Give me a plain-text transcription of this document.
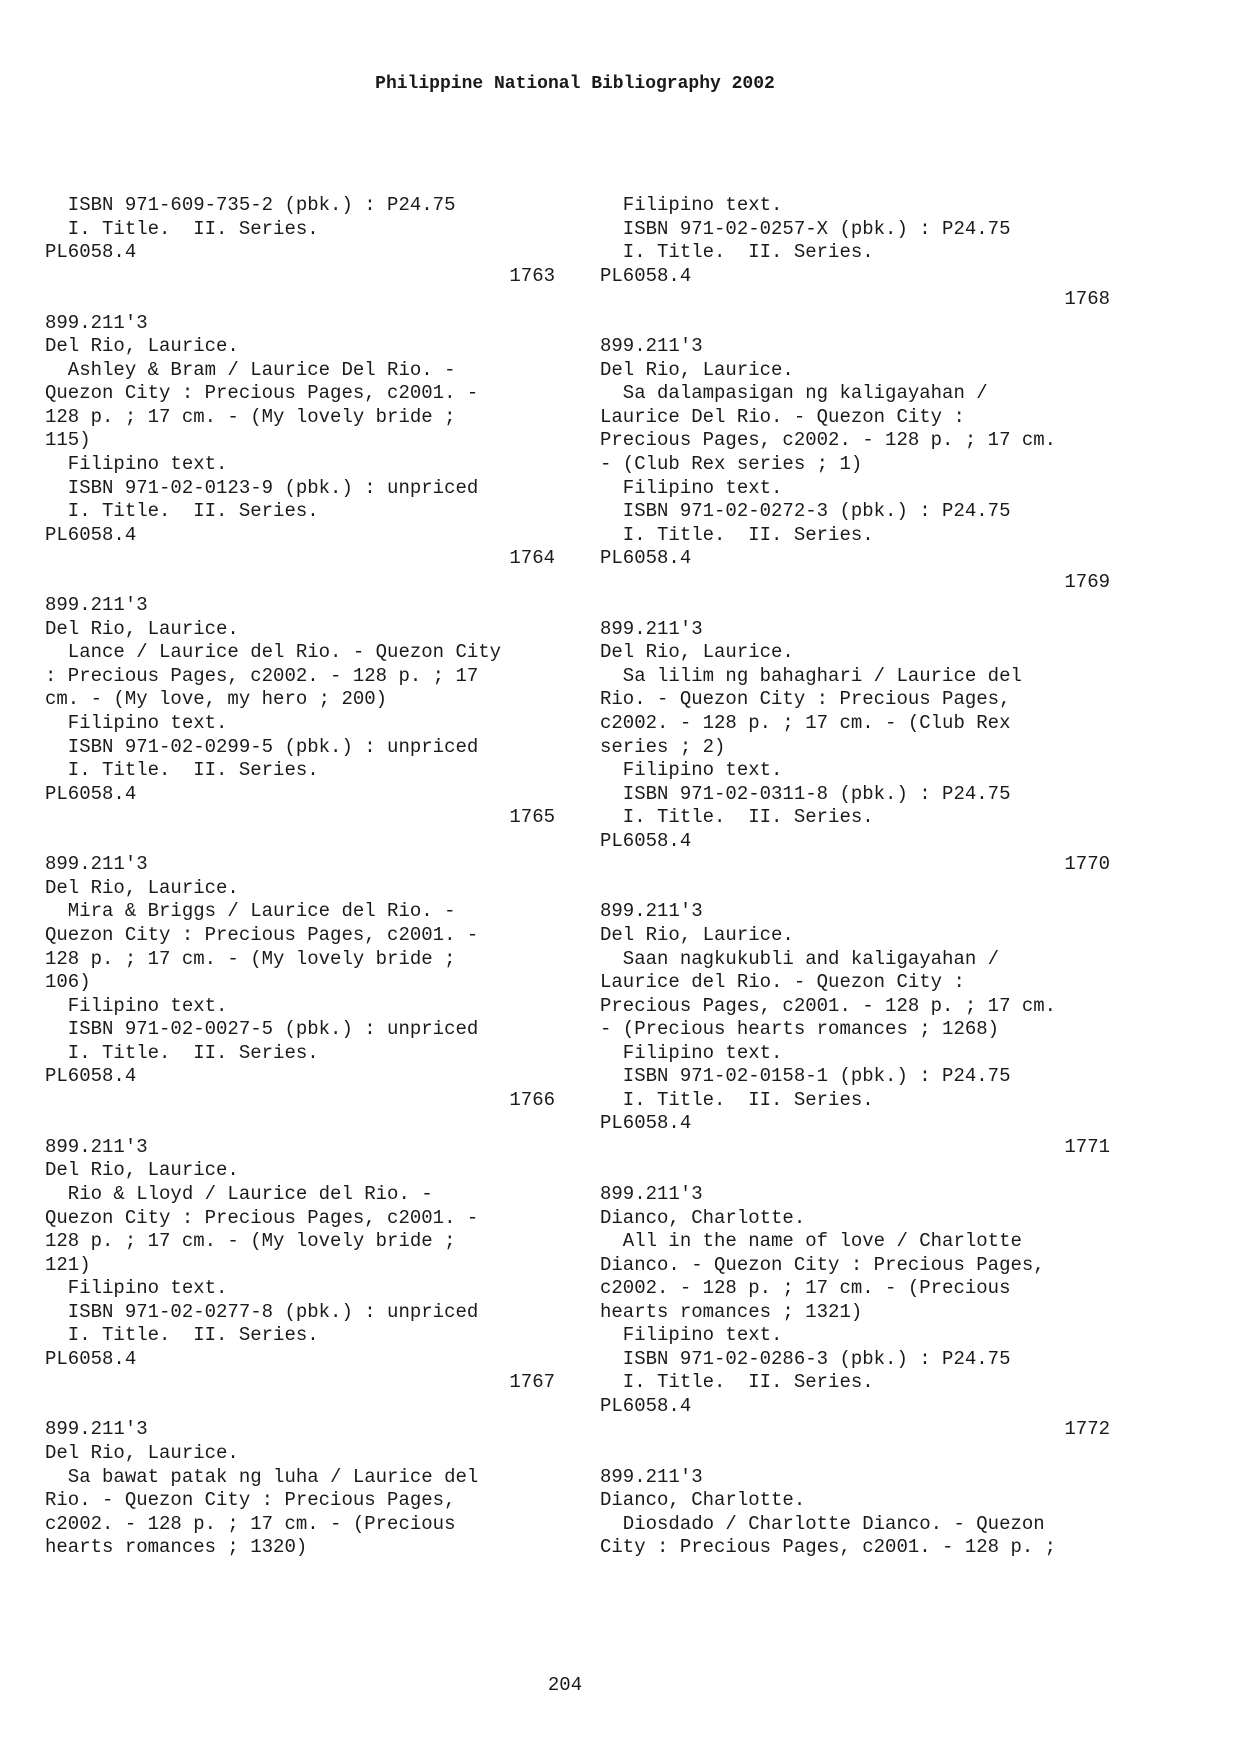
Philippine National Bibliography 2002
ISBN 971-609-735-2 (pbk.) : P24.75
I. Title.  II. Series.
PL6058.4
1763
899.211'3
Del Rio, Laurice.
Ashley & Bram / Laurice Del Rio. -
Quezon City : Precious Pages, c2001. -
128 p. ; 17 cm. - (My lovely bride ;
115)
Filipino text.
ISBN 971-02-0123-9 (pbk.) : unpriced
I. Title.  II. Series.
PL6058.4
1764
899.211'3
Del Rio, Laurice.
Lance / Laurice del Rio. - Quezon City
: Precious Pages, c2002. - 128 p. ; 17
cm. - (My love, my hero ; 200)
Filipino text.
ISBN 971-02-0299-5 (pbk.) : unpriced
I. Title.  II. Series.
PL6058.4
1765
899.211'3
Del Rio, Laurice.
Mira & Briggs / Laurice del Rio. -
Quezon City : Precious Pages, c2001. -
128 p. ; 17 cm. - (My lovely bride ;
106)
Filipino text.
ISBN 971-02-0027-5 (pbk.) : unpriced
I. Title.  II. Series.
PL6058.4
1766
899.211'3
Del Rio, Laurice.
Rio & Lloyd / Laurice del Rio. -
Quezon City : Precious Pages, c2001. -
128 p. ; 17 cm. - (My lovely bride ;
121)
Filipino text.
ISBN 971-02-0277-8 (pbk.) : unpriced
I. Title.  II. Series.
PL6058.4
1767
899.211'3
Del Rio, Laurice.
Sa bawat patak ng luha / Laurice del
Rio. - Quezon City : Precious Pages,
c2002. - 128 p. ; 17 cm. - (Precious
hearts romances ; 1320)
Filipino text.
ISBN 971-02-0257-X (pbk.) : P24.75
I. Title.  II. Series.
PL6058.4
1768
899.211'3
Del Rio, Laurice.
Sa dalampasigan ng kaligayahan /
Laurice Del Rio. - Quezon City :
Precious Pages, c2002. - 128 p. ; 17 cm.
- (Club Rex series ; 1)
Filipino text.
ISBN 971-02-0272-3 (pbk.) : P24.75
I. Title.  II. Series.
PL6058.4
1769
899.211'3
Del Rio, Laurice.
Sa lilim ng bahaghari / Laurice del
Rio. - Quezon City : Precious Pages,
c2002. - 128 p. ; 17 cm. - (Club Rex
series ; 2)
Filipino text.
ISBN 971-02-0311-8 (pbk.) : P24.75
I. Title.  II. Series.
PL6058.4
1770
899.211'3
Del Rio, Laurice.
Saan nagkukubli and kaligayahan /
Laurice del Rio. - Quezon City :
Precious Pages, c2001. - 128 p. ; 17 cm.
- (Precious hearts romances ; 1268)
Filipino text.
ISBN 971-02-0158-1 (pbk.) : P24.75
I. Title.  II. Series.
PL6058.4
1771
899.211'3
Dianco, Charlotte.
All in the name of love / Charlotte
Dianco. - Quezon City : Precious Pages,
c2002. - 128 p. ; 17 cm. - (Precious
hearts romances ; 1321)
Filipino text.
ISBN 971-02-0286-3 (pbk.) : P24.75
I. Title.  II. Series.
PL6058.4
1772
899.211'3
Dianco, Charlotte.
Diosdado / Charlotte Dianco. - Quezon
City : Precious Pages, c2001. - 128 p. ;
204
